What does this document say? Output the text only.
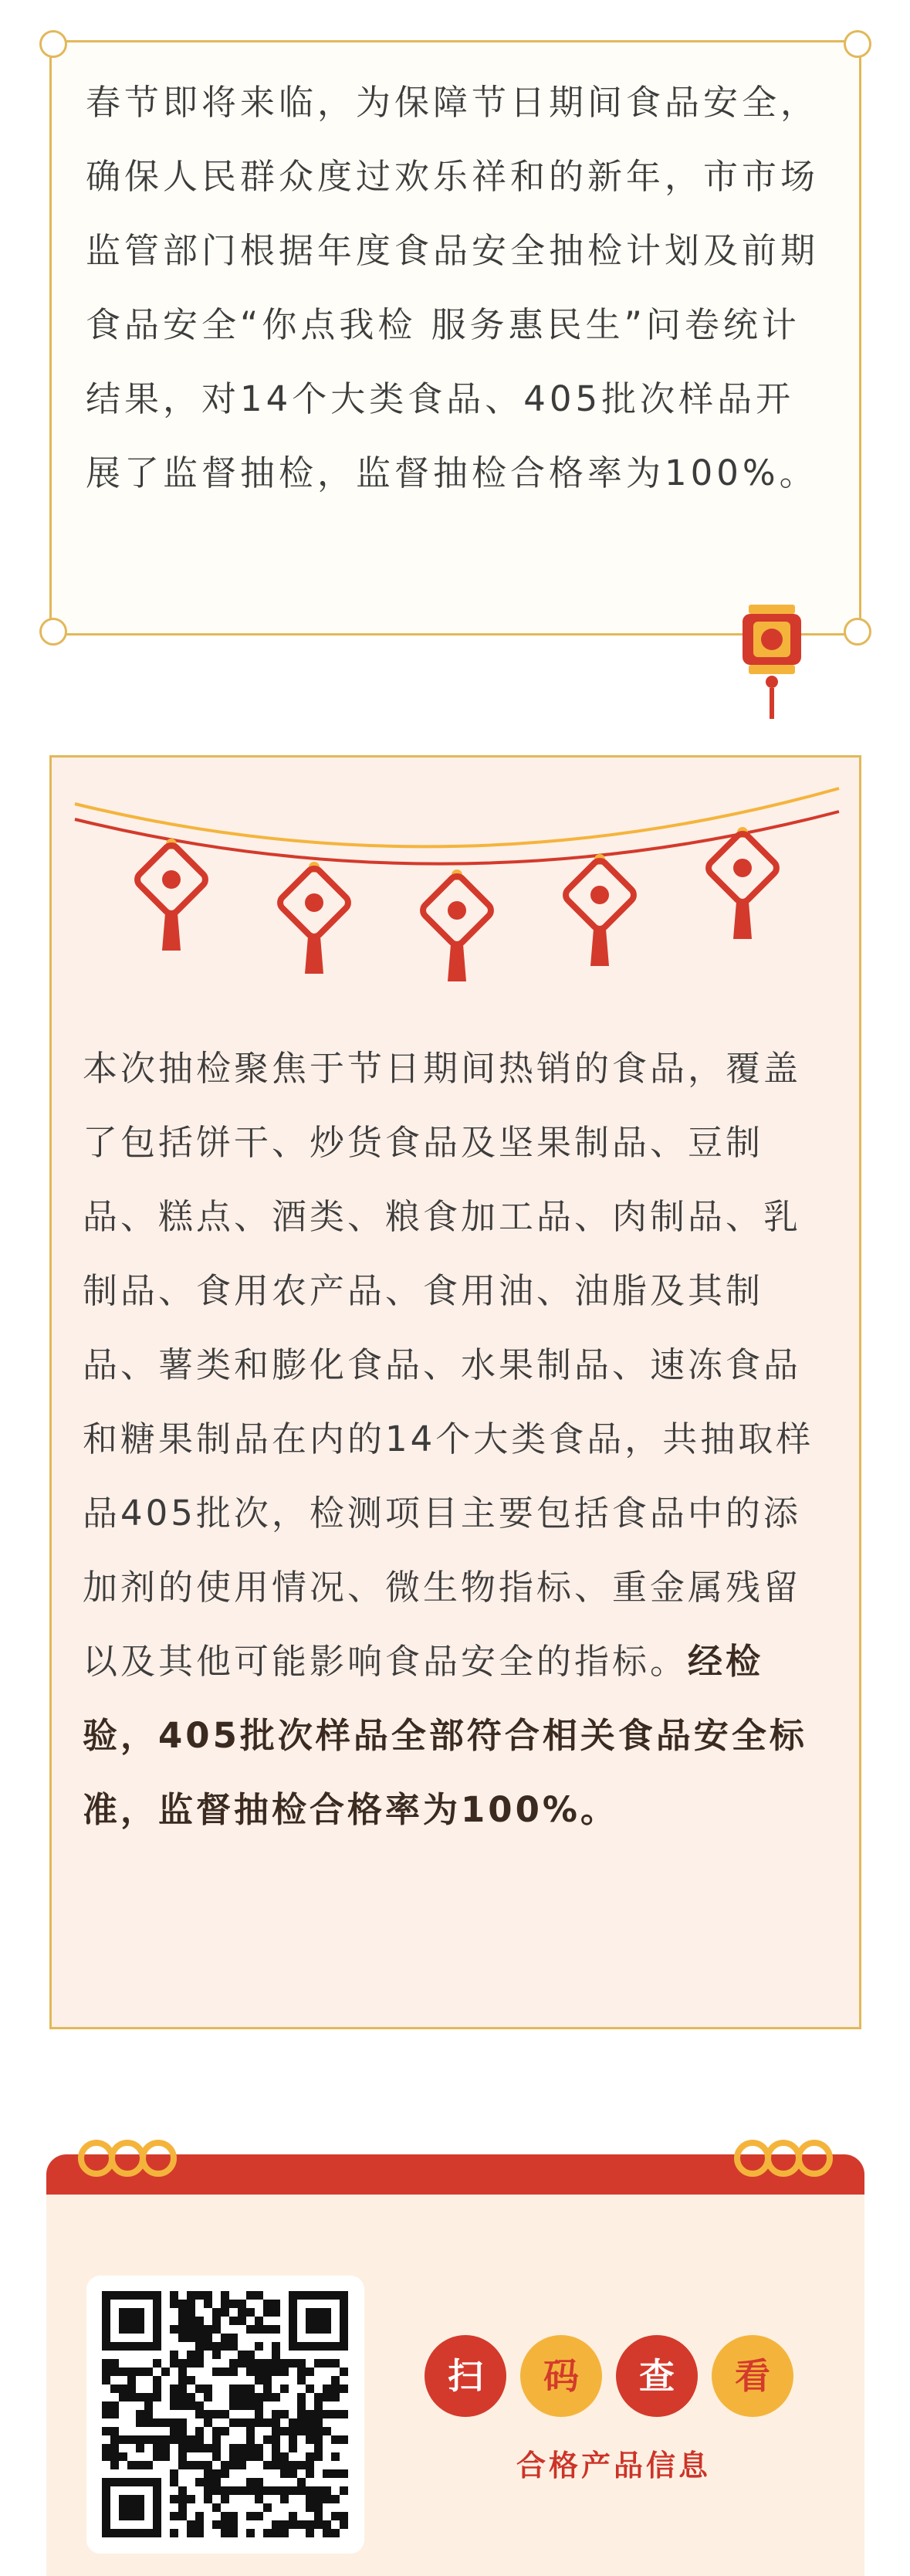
春节即将来临，为保障节日期间食品安全，确保人民群众度过欢乐祥和的新年，市市场监管部门根据年度食品安全抽检计划及前期食品安全“你点我检 服务惠民生”问卷统计结果，对14个大类食品、405批次样品开展了监督抽检，监督抽检合格率为100%。

本次抽检聚焦于节日期间热销的食品，覆盖了包括饼干、炒货食品及坚果制品、豆制品、糕点、酒类、粮食加工品、肉制品、乳制品、食用农产品、食用油、油脂及其制品、薯类和膨化食品、水果制品、速冻食品和糖果制品在内的14个大类食品，共抽取样品405批次，检测项目主要包括食品中的添加剂的使用情况、微生物指标、重金属残留以及其他可能影响食品安全的指标。经检验，405批次样品全部符合相关食品安全标准，监督抽检合格率为100%。

扫	码	查	看
合格产品信息
